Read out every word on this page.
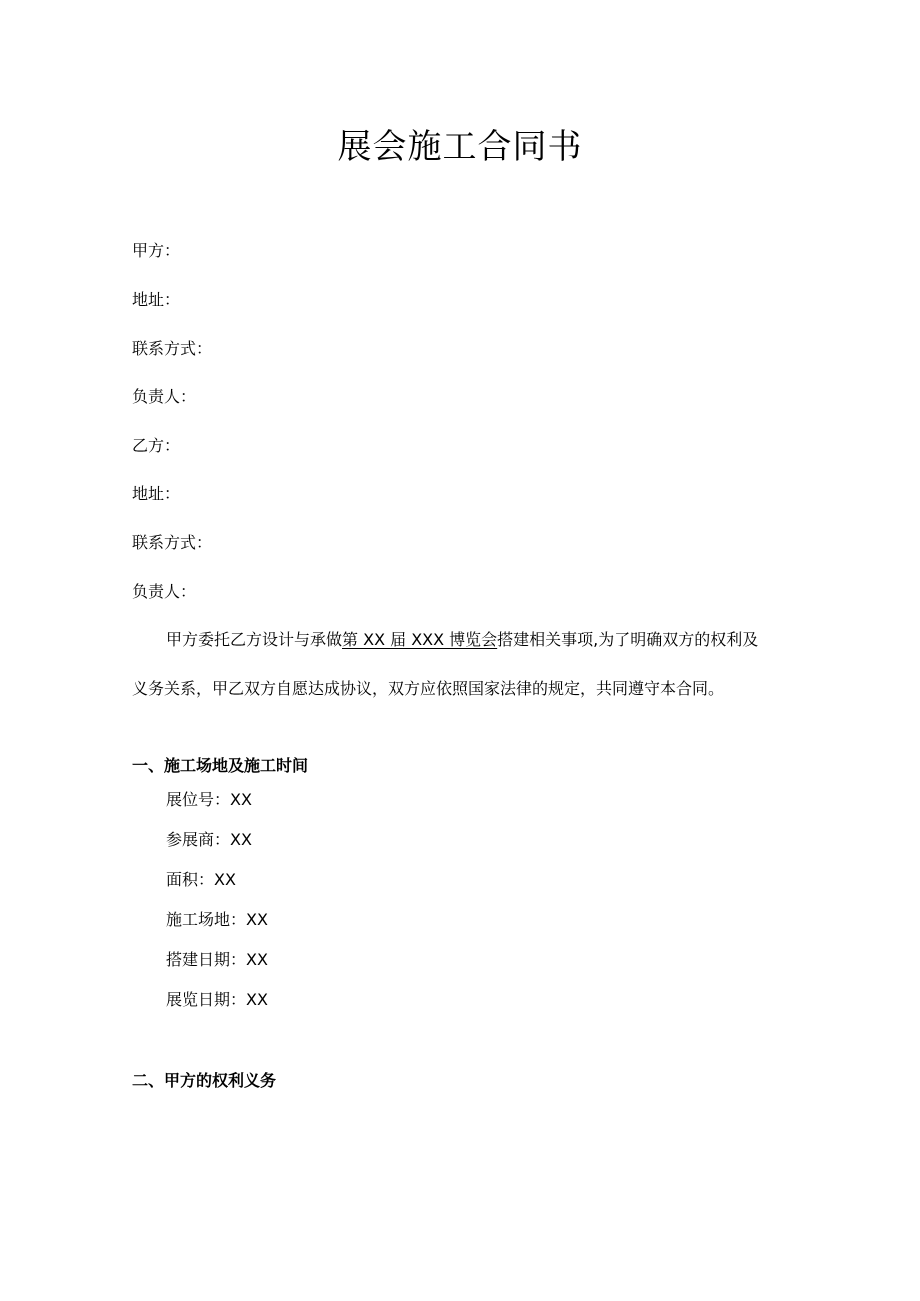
展会施工合同书
甲方：
地址：
联系方式：
负责人：
乙方：
地址：
联系方式：
负责人：
甲方委托乙方设计与承做第 XX 届 XXX 博览会搭建相关事项,为了明确双方的权利及
义务关系，甲乙双方自愿达成协议，双方应依照国家法律的规定，共同遵守本合同。
一、施工场地及施工时间
展位号：XX
参展商：XX
面积：XX
施工场地：XX
搭建日期：XX
展览日期：XX
二、甲方的权利义务
